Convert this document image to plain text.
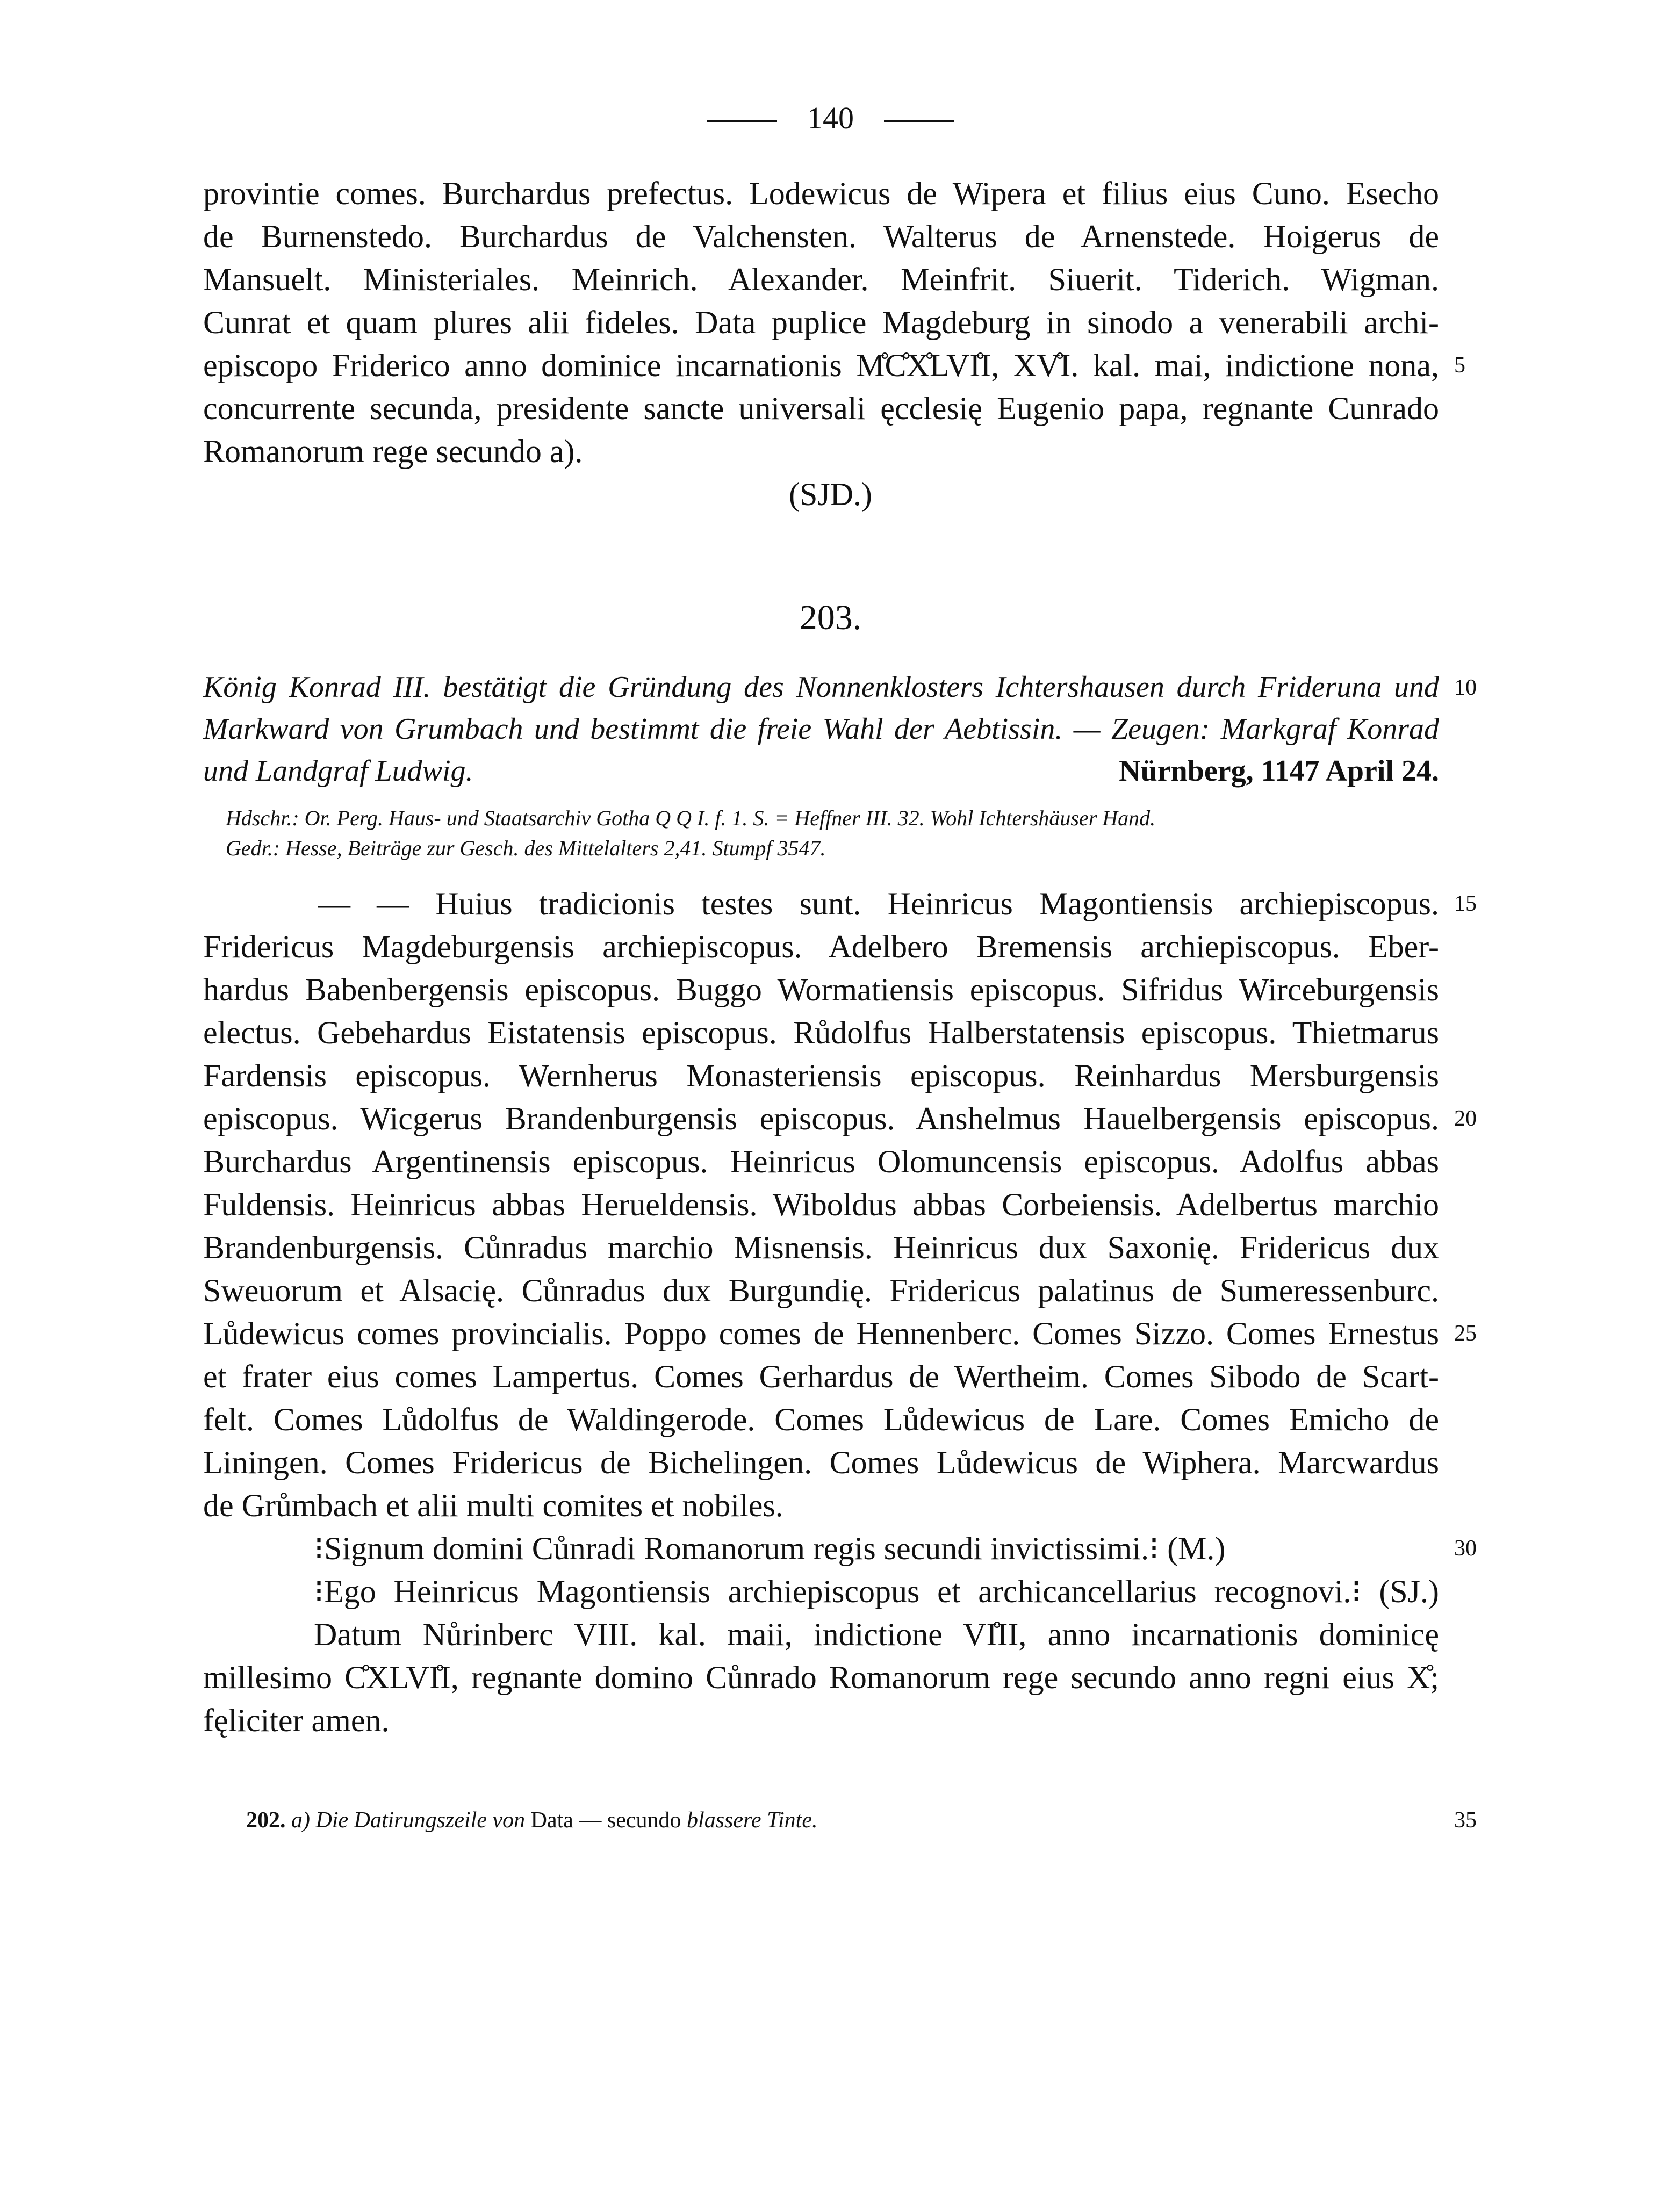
140
provintie comes. Burchardus prefectus. Lodewicus de Wipera et filius eius Cuno. Esecho
de Burnenstedo. Burchardus de Valchensten. Walterus de Arnenstede. Hoigerus de
Mansuelt. Ministeriales. Meinrich. Alexander. Meinfrit. Siuerit. Tiderich. Wigman.
Cunrat et quam plures alii fideles. Data puplice Magdeburg in sinodo a venerabili archi-
episcopo Friderico anno dominice incarnationis M̊C̊X̊LVI̊I, XV̊I. kal. mai, indictione nona, 5
concurrente secunda, presidente sancte universali ęcclesię Eugenio papa, regnante Cunrado
Romanorum rege secundo a).
(SJD.)
203.
König Konrad III. bestätigt die Gründung des Nonnenklosters Ichtershausen durch Frideruna und 10
Markward von Grumbach und bestimmt die freie Wahl der Aebtissin. — Zeugen: Markgraf Konrad
und Landgraf Ludwig.	Nürnberg, 1147 April 24.
Hdschr.: Or. Perg. Haus- und Staatsarchiv Gotha Q Q I. f. 1. S. = Heffner III. 32. Wohl Ichtershäuser Hand.
Gedr.: Hesse, Beiträge zur Gesch. des Mittelalters 2,41. Stumpf 3547.
— — Huius tradicionis testes sunt. Heinricus Magontiensis archiepiscopus. 15
Fridericus Magdeburgensis archiepiscopus. Adelbero Bremensis archiepiscopus. Eber-
hardus Babenbergensis episcopus. Buggo Wormatiensis episcopus. Sifridus Wirceburgensis
electus. Gebehardus Eistatensis episcopus. Růdolfus Halberstatensis episcopus. Thietmarus
Fardensis episcopus. Wernherus Monasteriensis episcopus. Reinhardus Mersburgensis
episcopus. Wicgerus Brandenburgensis episcopus. Anshelmus Hauelbergensis episcopus. 20
Burchardus Argentinensis episcopus. Heinricus Olomuncensis episcopus. Adolfus abbas
Fuldensis. Heinricus abbas Herueldensis. Wiboldus abbas Corbeiensis. Adelbertus marchio
Brandenburgensis. Cůnradus marchio Misnensis. Heinricus dux Saxonię. Fridericus dux
Sweuorum et Alsacię. Cůnradus dux Burgundię. Fridericus palatinus de Sumeressenburc.
Lůdewicus comes provincialis. Poppo comes de Hennenberc. Comes Sizzo. Comes Ernestus 25
et frater eius comes Lampertus. Comes Gerhardus de Wertheim. Comes Sibodo de Scart-
felt. Comes Lůdolfus de Waldingerode. Comes Lůdewicus de Lare. Comes Emicho de
Liningen. Comes Fridericus de Bichelingen. Comes Lůdewicus de Wiphera. Marcwardus
de Grůmbach et alii multi comites et nobiles.
⁝Signum domini Cůnradi Romanorum regis secundi invictissimi.⁝ (M.)	30
⁝Ego Heinricus Magontiensis archiepiscopus et archicancellarius recognovi.⁝ (SJ.)
Datum Nůrinberc VIII. kal. maii, indictione VI̊II, anno incarnationis dominicę
millesimo C̊XLVI̊I, regnante domino Cůnrado Romanorum rege secundo anno regni eius X̊;
fęliciter amen.
202. a) Die Datirungszeile von Data — secundo blassere Tinte.	35
